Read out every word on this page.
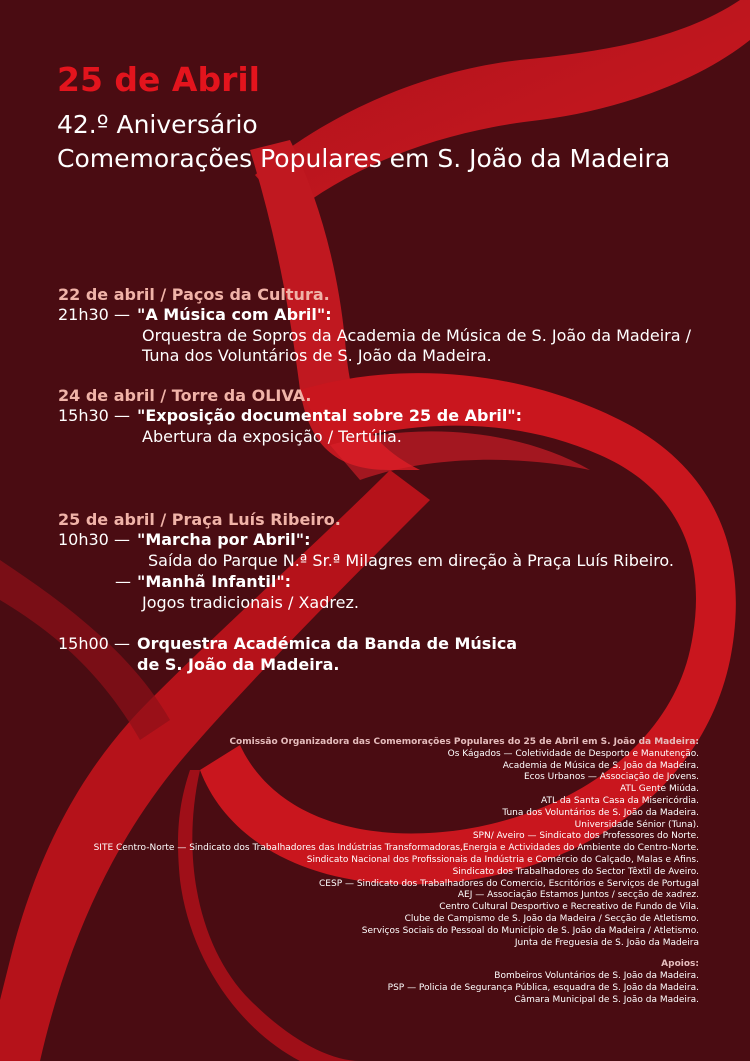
25 de Abril
42.º Aniversário
Comemorações Populares em S. João da Madeira
22 de abril / Paços da Cultura.
21h30 — "A Música com Abril":
Orquestra de Sopros da Academia de Música de S. João da Madeira /
Tuna dos Voluntários de S. João da Madeira.
24 de abril / Torre da OLIVA.
15h30 — "Exposição documental sobre 25 de Abril":
Abertura da exposição / Tertúlia.
25 de abril / Praça Luís Ribeiro.
10h30 — "Marcha por Abril":
Saída do Parque N.ª Sr.ª Milagres em direção à Praça Luís Ribeiro.
— "Manhã Infantil":
Jogos tradicionais / Xadrez.
15h00 — Orquestra Académica da Banda de Música
de S. João da Madeira.
Comissão Organizadora das Comemorações Populares do 25 de Abril em S. João da Madeira:
Os Kágados — Coletividade de Desporto e Manutenção.
Academia de Música de S. João da Madeira.
Ecos Urbanos — Associação de Jovens.
ATL Gente Miúda.
ATL da Santa Casa da Misericórdia.
Tuna dos Voluntários de S. João da Madeira.
Universidade Sénior (Tuna).
SPN/ Aveiro — Sindicato dos Professores do Norte.
SITE Centro-Norte — Sindicato dos Trabalhadores das Indústrias Transformadoras,Energia e Actividades do Ambiente do Centro-Norte.
Sindicato Nacional dos Profissionais da Indústria e Comércio do Calçado, Malas e Afins.
Sindicato dos Trabalhadores do Sector Têxtil de Aveiro.
CESP — Sindicato dos Trabalhadores do Comercio, Escritórios e Serviços de Portugal
AEJ — Associação Estamos Juntos / secção de xadrez.
Centro Cultural Desportivo e Recreativo de Fundo de Vila.
Clube de Campismo de S. João da Madeira / Secção de Atletismo.
Serviços Sociais do Pessoal do Município de S. João da Madeira / Atletismo.
Junta de Freguesia de S. João da Madeira
Apoios:
Bombeiros Voluntários de S. João da Madeira.
PSP — Policia de Segurança Pública, esquadra de S. João da Madeira.
Câmara Municipal de S. João da Madeira.
